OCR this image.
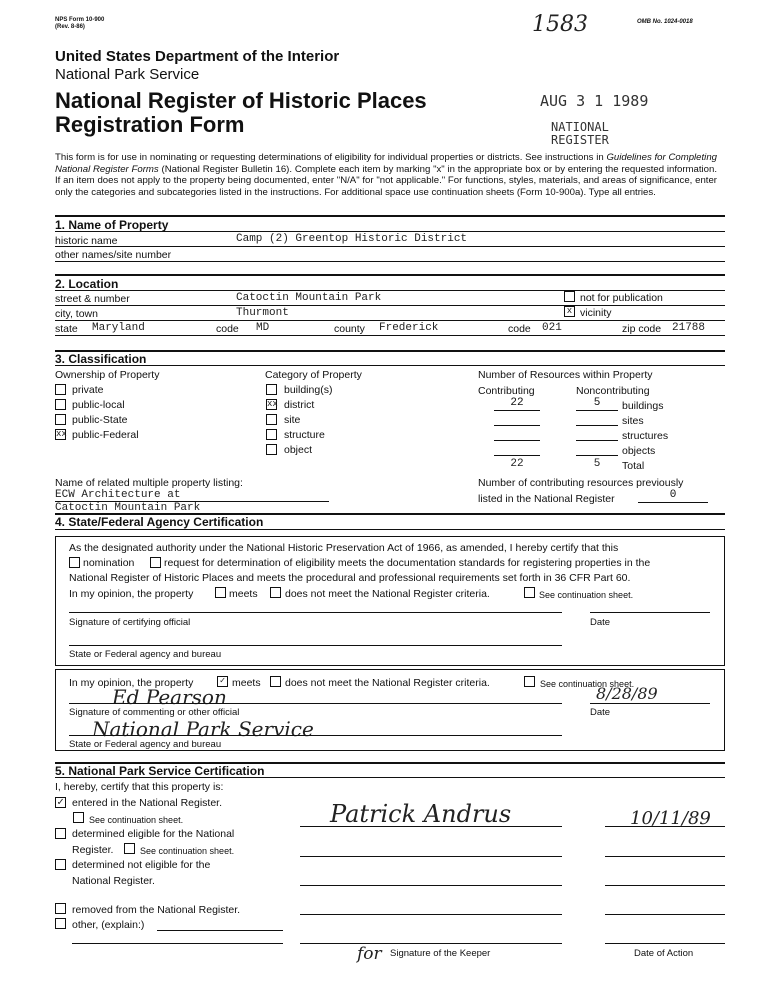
NPS Form 10-900
(Rev. 8-86)
OMB No. 1024-0018
1583
United States Department of the Interior
National Park Service
National Register of Historic Places
Registration Form
AUG 3 1 1989
NATIONAL
REGISTER
This form is for use in nominating or requesting determinations of eligibility for individual properties or districts. See instructions in Guidelines for Completing National Register Forms (National Register Bulletin 16). Complete each item by marking "x" in the appropriate box or by entering the requested information. If an item does not apply to the property being documented, enter "N/A" for "not applicable." For functions, styles, materials, and areas of significance, enter only the categories and subcategories listed in the instructions. For additional space use continuation sheets (Form 10-900a). Type all entries.
1. Name of Property
historic name	Camp (2) Greentop Historic District
other names/site number
2. Location
street & number	Catoctin Mountain Park	not for publication
city, town	Thurmont	x vicinity
state Maryland	code MD	county Frederick	code 021	zip code 21788
3. Classification
Ownership of Property	Category of Property	Number of Resources within Property
Contributing	Noncontributing
private
public-local
public-State
xx public-Federal
building(s)
xx district
site
structure
object
22	5	buildings
sites
structures
objects
22	5	Total
Name of related multiple property listing:
ECW Architecture at
Catoctin Mountain Park
Number of contributing resources previously
listed in the National Register	0
4. State/Federal Agency Certification
As the designated authority under the National Historic Preservation Act of 1966, as amended, I hereby certify that this
nomination	request for determination of eligibility meets the documentation standards for registering properties in the
National Register of Historic Places and meets the procedural and professional requirements set forth in 36 CFR Part 60.
In my opinion, the property	meets	does not meet the National Register criteria.	See continuation sheet.
Signature of certifying official	Date
State or Federal agency and bureau
In my opinion, the property	✓ meets does not meet the National Register criteria.	See continuation sheet.
Ed Pearson	8/28/89
Signature of commenting or other official	Date
National Park Service
State or Federal agency and bureau
5. National Park Service Certification
I, hereby, certify that this property is:
✓ entered in the National Register.
See continuation sheet.
determined eligible for the National
Register.	See continuation sheet.
determined not eligible for the
National Register.
removed from the National Register.
other, (explain:)
Patrick Andrus	10/11/89
for Signature of the Keeper	Date of Action
